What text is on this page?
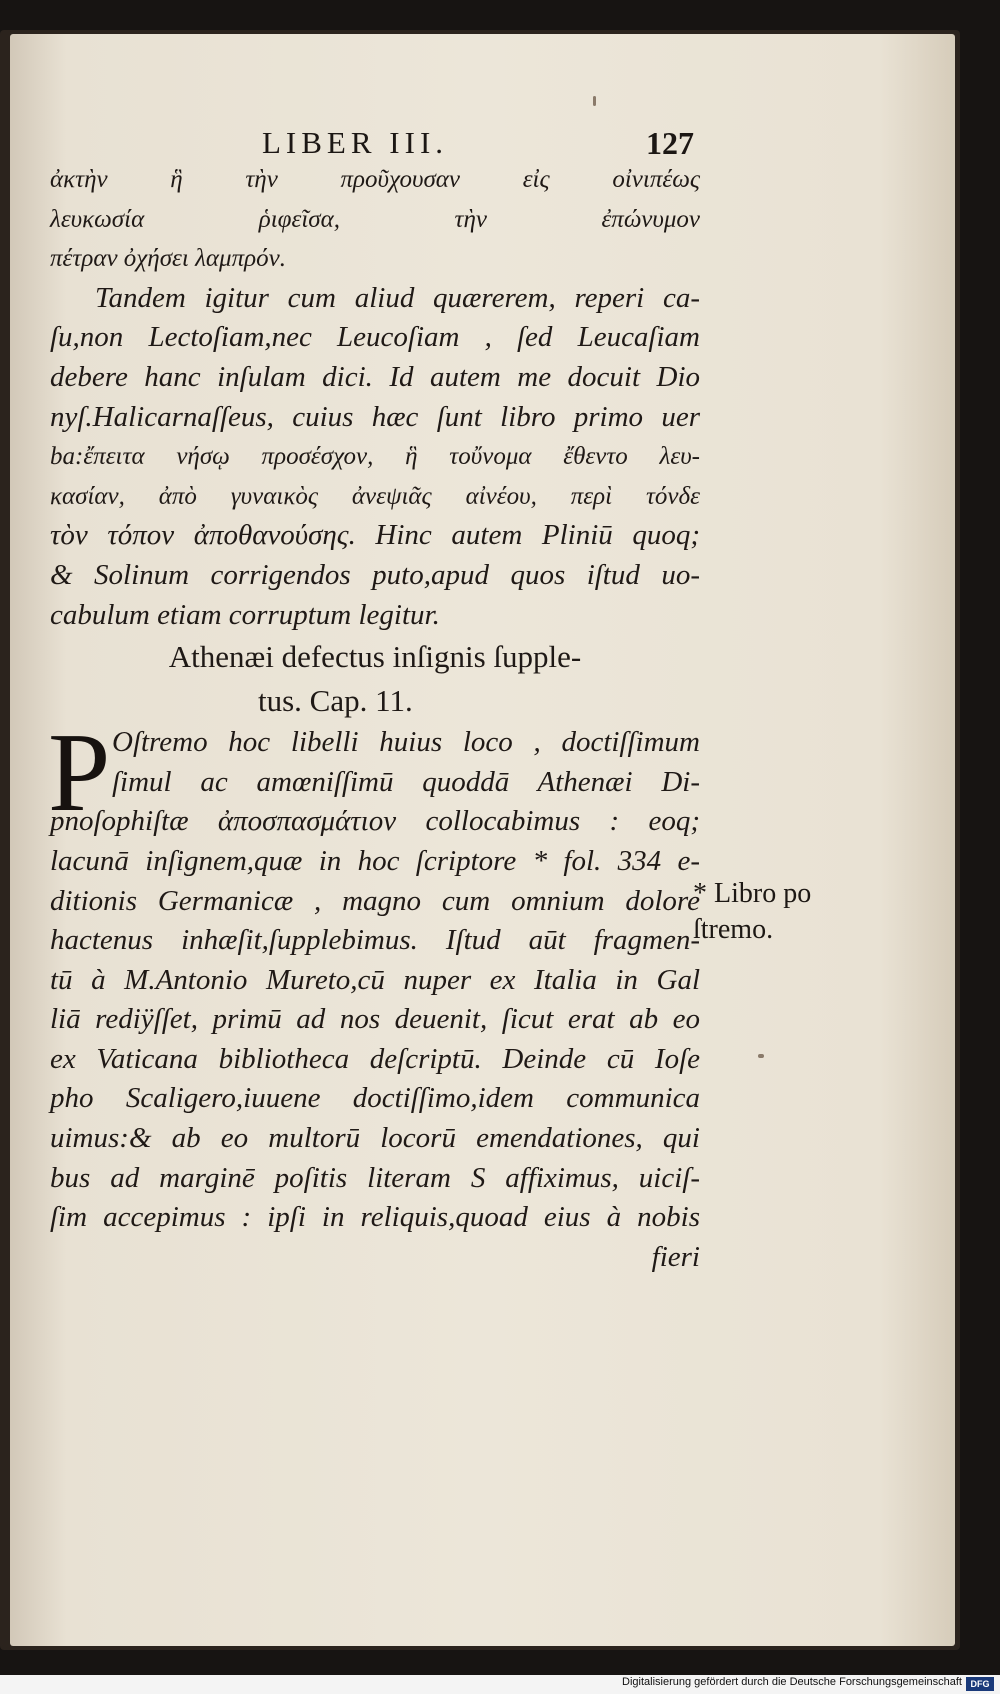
LIBER III.	127
ἀκτὴν ἣ τὴν προῦχουσαν εἰς οἰνιπέως
λευκωσία ῥιφεῖσα, τὴν ἐπώνυμον
πέτραν ὀχήσει λαμπρόν.
Tandem igitur cum aliud quærerem, reperi ca-
ſu,non Lectoſiam,nec Leucoſiam , ſed Leucaſiam
debere hanc inſulam dici. Id autem me docuit Dio
nyſ.Halicarnaſſeus, cuius hæc ſunt libro primo uer
ba:ἔπειτα νήσῳ προσέσχον, ἣ τοὔνομα ἔθεντο λευ-
κασίαν, ἀπὸ γυναικὸς ἀνεψιᾶς αἰνέου, περὶ τόνδε
τὸν τόπον ἀποθανούσης. Hinc autem Pliniū quoq;
& Solinum corrigendos puto,apud quos iſtud uo-
cabulum etiam corruptum legitur.
Athenæi defectus inſignis ſupple-
tus. Cap. 11.
P Oſtremo hoc libelli huius loco , doctiſſimum
ſimul ac amœniſſimū quoddā Athenæi Di-
pnoſophiſtæ ἀποσπασμάτιον collocabimus : eoq;
lacunā inſignem,quæ in hoc ſcriptore * fol. 334 e-
ditionis Germanicæ , magno cum omnium dolore
hactenus inhæſit,ſupplebimus. Iſtud aūt fragmen-
tū à M.Antonio Mureto,cū nuper ex Italia in Gal
liā rediÿſſet, primū ad nos deuenit, ſicut erat ab eo
ex Vaticana bibliotheca deſcriptū. Deinde cū Ioſe
pho Scaligero,iuuene doctiſſimo,idem communica
uimus:& ab eo multorū locorū emendationes, qui
bus ad marginē poſitis literam S affiximus, uiciſ-
ſim accepimus : ipſi in reliquis,quoad eius à nobis
fieri
* Libro po
ſtremo.
Digitalisierung gefördert durch die Deutsche Forschungsgemeinschaft DFG
